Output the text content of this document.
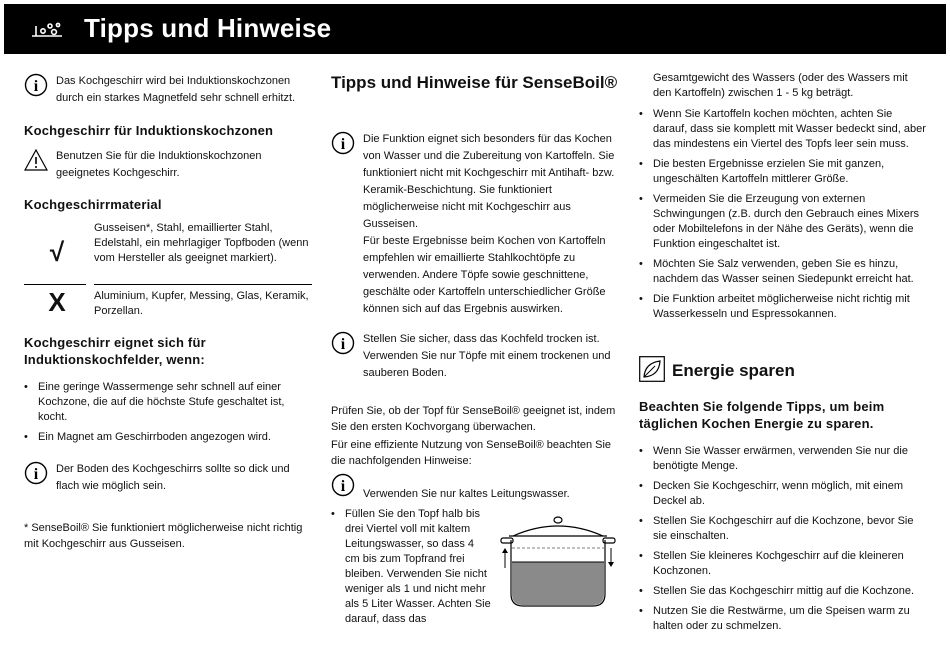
Tipps und Hinweise
i Das Kochgeschirr wird bei Induktionskochzonen durch ein starkes Magnetfeld sehr schnell erhitzt.
Kochgeschirr für Induktionskochzonen
Benutzen Sie für die Induktionskochzonen geeignetes Kochgeschirr.
Kochgeschirrmaterial
√
Gusseisen*, Stahl, emaillierter Stahl, Edelstahl, ein mehrlagiger Topfboden (wenn vom Hersteller als geeignet markiert).
X	Aluminium, Kupfer, Messing, Glas, Keramik, Porzellan.
Kochgeschirr eignet sich für Induktionskochfelder, wenn:
• Eine geringe Wassermenge sehr schnell auf einer Kochzone, die auf die höchste Stufe geschaltet ist, kocht.
• Ein Magnet am Geschirrboden angezogen wird.
i Der Boden des Kochgeschirrs sollte so dick und flach wie möglich sein.

* SenseBoil® Sie funktioniert möglicherweise nicht richtig mit Kochgeschirr aus Gusseisen.

Tipps und Hinweise für SenseBoil®
i Die Funktion eignet sich besonders für das Kochen von Wasser und die Zubereitung von Kartoffeln. Sie funktioniert nicht mit Kochgeschirr mit Antihaft- bzw. Keramik-Beschichtung. Sie funktioniert möglicherweise nicht mit Kochgeschirr aus Gusseisen.
Für beste Ergebnisse beim Kochen von Kartoffeln empfehlen wir emaillierte Stahlkochtöpfe zu verwenden. Andere Töpfe sowie geschnittene, geschälte oder Kartoffeln unterschiedlicher Größe können sich auf das Ergebnis auswirken.
i Stellen Sie sicher, dass das Kochfeld trocken ist. Verwenden Sie nur Töpfe mit einem trockenen und sauberen Boden.

Prüfen Sie, ob der Topf für SenseBoil® geeignet ist, indem Sie den ersten Kochvorgang überwachen.

Für eine effiziente Nutzung von SenseBoil® beachten Sie die nachfolgenden Hinweise:

i Verwenden Sie nur kaltes Leitungswasser.
• Füllen Sie den Topf halb bis drei Viertel voll mit kaltem Leitungswasser, so dass 4 cm bis zum Topfrand frei bleiben. Verwenden Sie nicht weniger als 1 und nicht mehr als 5 Liter Wasser. Achten Sie darauf, dass das

Gesamtgewicht des Wassers (oder des Wassers mit den Kartoffeln) zwischen 1 - 5 kg beträgt.

• Wenn Sie Kartoffeln kochen möchten, achten Sie darauf, dass sie komplett mit Wasser bedeckt sind, aber das mindestens ein Viertel des Topfs leer sein muss.
• Die besten Ergebnisse erzielen Sie mit ganzen, ungeschälten Kartoffeln mittlerer Größe.
• Vermeiden Sie die Erzeugung von externen Schwingungen (z.B. durch den Gebrauch eines Mixers oder Mobiltelefons in der Nähe des Geräts), wenn die Funktion eingeschaltet ist.
• Möchten Sie Salz verwenden, geben Sie es hinzu, nachdem das Wasser seinen Siedepunkt erreicht hat.
• Die Funktion arbeitet möglicherweise nicht richtig mit Wasserkesseln und Espressokannen.
Energie sparen
Beachten Sie folgende Tipps, um beim täglichen Kochen Energie zu sparen.
• Wenn Sie Wasser erwärmen, verwenden Sie nur die benötigte Menge.
• Decken Sie Kochgeschirr, wenn möglich, mit einem Deckel ab.
• Stellen Sie Kochgeschirr auf die Kochzone, bevor Sie sie einschalten.
• Stellen Sie kleineres Kochgeschirr auf die kleineren Kochzonen.
• Stellen Sie das Kochgeschirr mittig auf die Kochzone.
• Nutzen Sie die Restwärme, um die Speisen warm zu halten oder zu schmelzen.
